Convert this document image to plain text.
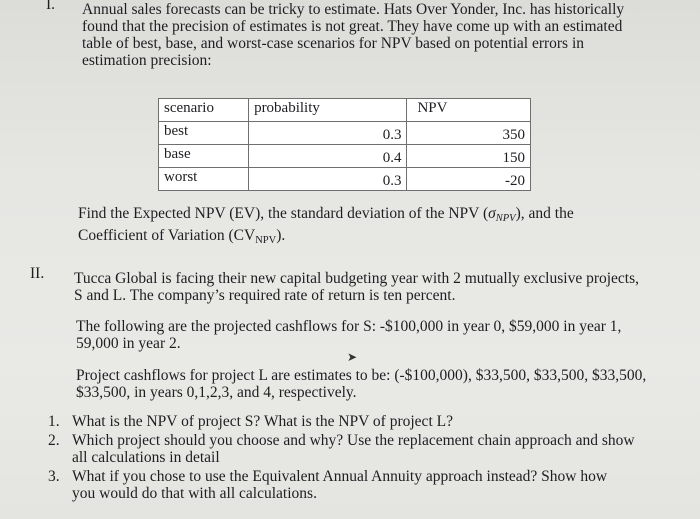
I. Annual sales forecasts can be tricky to estimate. Hats Over Yonder, Inc. has historically
found that the precision of estimates is not great. They have come up with an estimated
table of best, base, and worst-case scenarios for NPV based on potential errors in
estimation precision:
scenario	probability	NPV
best	0.3	350
base	0.4	150
worst	0.3	-20
Find the Expected NPV (EV), the standard deviation of the NPV $(\sigma_{NPV})$, and the
Coefficient of Variation $(CV_{NPV})$.
II. Tucca Global is facing their new capital budgeting year with 2 mutually exclusive projects,
S and L. The company’s required rate of return is ten percent.
The following are the projected cashflows for S: -$100,000 in year 0, $59,000 in year 1,
59,000 in year 2.
➤
Project cashflows for project L are estimates to be: (-$100,000), $33,500, $33,500, $33,500,
$33,500, in years 0,1,2,3, and 4, respectively.
1. What is the NPV of project S? What is the NPV of project L?
2. Which project should you choose and why? Use the replacement chain approach and show
all calculations in detail
3. What if you chose to use the Equivalent Annual Annuity approach instead? Show how
you would do that with all calculations.
